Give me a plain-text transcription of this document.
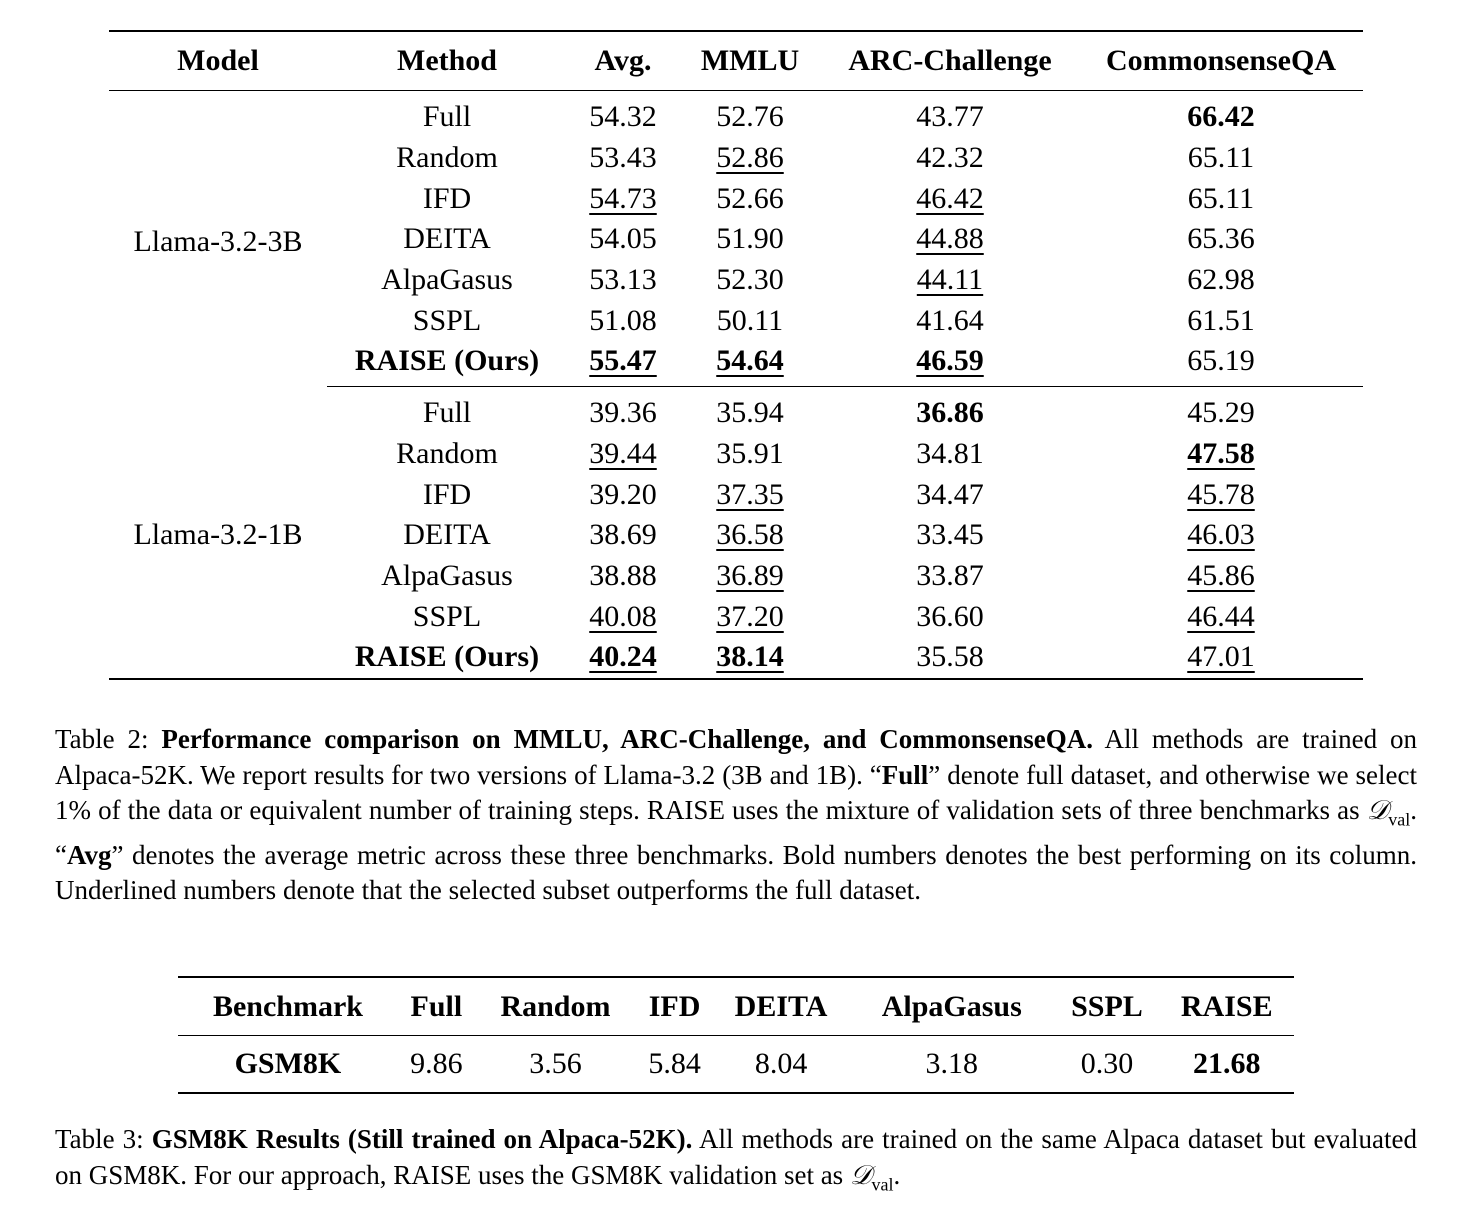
Model	Method	Avg.	MMLU	ARC-Challenge	CommonsenseQA
Llama-3.2-3B	Full	54.32	52.76	43.77	66.42
	Random	53.43	52.86	42.32	65.11
	IFD	54.73	52.66	46.42	65.11
	DEITA	54.05	51.90	44.88	65.36
	AlpaGasus	53.13	52.30	44.11	62.98
	SSPL	51.08	50.11	41.64	61.51
	RAISE (Ours)	55.47	54.64	46.59	65.19
Llama-3.2-1B	Full	39.36	35.94	36.86	45.29
	Random	39.44	35.91	34.81	47.58
	IFD	39.20	37.35	34.47	45.78
	DEITA	38.69	36.58	33.45	46.03
	AlpaGasus	38.88	36.89	33.87	45.86
	SSPL	40.08	37.20	36.60	46.44
	RAISE (Ours)	40.24	38.14	35.58	47.01
Table 2: Performance comparison on MMLU, ARC-Challenge, and CommonsenseQA. All methods are trained on Alpaca-52K. We report results for two versions of Llama-3.2 (3B and 1B). “Full” denote full dataset, and otherwise we select 1% of the data or equivalent number of training steps. RAISE uses the mixture of validation sets of three benchmarks as 𝒟$_{val}$. “Avg” denotes the average metric across these three benchmarks. Bold numbers denotes the best performing on its column. Underlined numbers denote that the selected subset outperforms the full dataset.
Benchmark	Full	Random	IFD	DEITA	AlpaGasus	SSPL	RAISE
GSM8K	9.86	3.56	5.84	8.04	3.18	0.30	21.68
Table 3: GSM8K Results (Still trained on Alpaca-52K). All methods are trained on the same Alpaca dataset but evaluated on GSM8K. For our approach, RAISE uses the GSM8K validation set as 𝒟$_{val}$.
